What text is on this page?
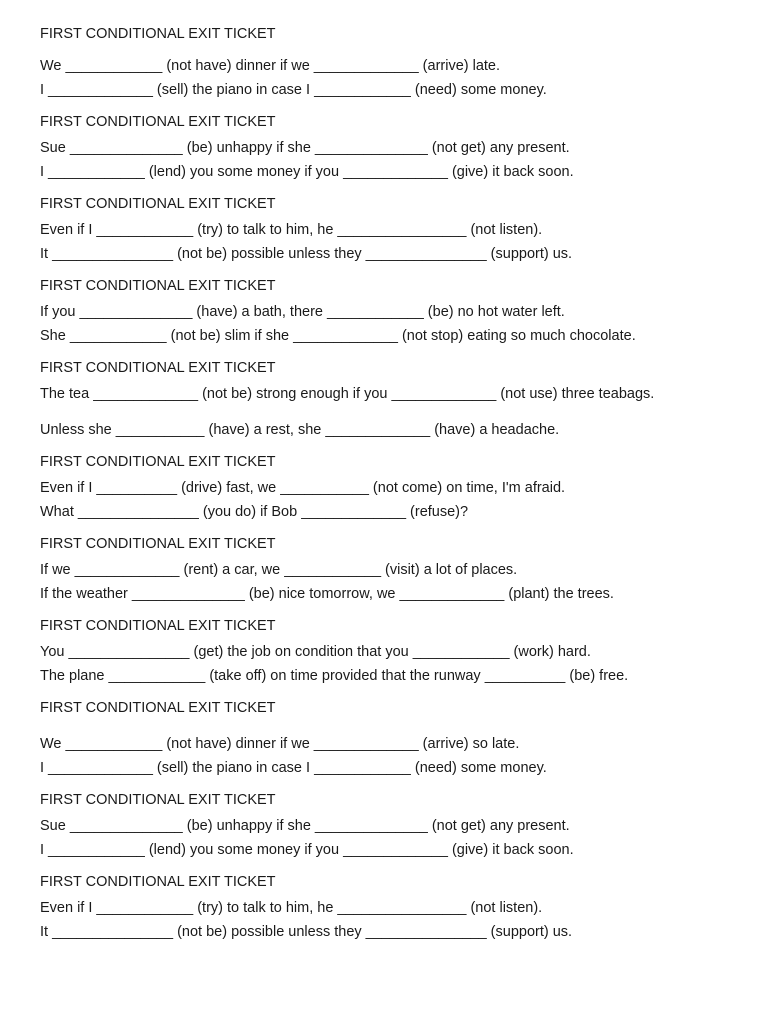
FIRST CONDITIONAL EXIT TICKET

We ____________ (not have) dinner if we _____________ (arrive) late.

I _____________ (sell) the piano in case I ____________ (need) some money.

FIRST CONDITIONAL EXIT TICKET

Sue ______________ (be) unhappy if she ______________ (not get) any present.

I ____________ (lend) you some money if you _____________ (give) it back soon.

FIRST CONDITIONAL EXIT TICKET

Even if I ____________ (try) to talk to him, he ________________ (not listen).

It _______________ (not be) possible unless they _______________ (support) us.

FIRST CONDITIONAL EXIT TICKET

If you ______________ (have) a bath, there ____________ (be) no hot water left.

She ____________ (not be) slim if she _____________ (not stop) eating so much chocolate.

FIRST CONDITIONAL EXIT TICKET

The tea _____________ (not be) strong enough if you _____________ (not use) three teabags.

Unless she ___________ (have) a rest, she _____________ (have) a headache.

FIRST CONDITIONAL EXIT TICKET

Even if I __________ (drive) fast, we ___________ (not come) on time, I'm afraid.

What _______________ (you do) if Bob _____________ (refuse)?

FIRST CONDITIONAL EXIT TICKET

If we _____________ (rent) a car, we ____________ (visit) a lot of places.

If the weather ______________ (be) nice tomorrow, we _____________ (plant) the trees.

FIRST CONDITIONAL EXIT TICKET

You _______________ (get) the job on condition that you ____________ (work) hard.

The plane ____________ (take off) on time provided that the runway __________ (be) free.

FIRST CONDITIONAL EXIT TICKET

We ____________ (not have) dinner if we _____________ (arrive) so late.

I _____________ (sell) the piano in case I ____________ (need) some money.

FIRST CONDITIONAL EXIT TICKET

Sue ______________ (be) unhappy if she ______________ (not get) any present.

I ____________ (lend) you some money if you _____________ (give) it back soon.

FIRST CONDITIONAL EXIT TICKET

Even if I ____________ (try) to talk to him, he ________________ (not listen).

It _______________ (not be) possible unless they _______________ (support) us.
